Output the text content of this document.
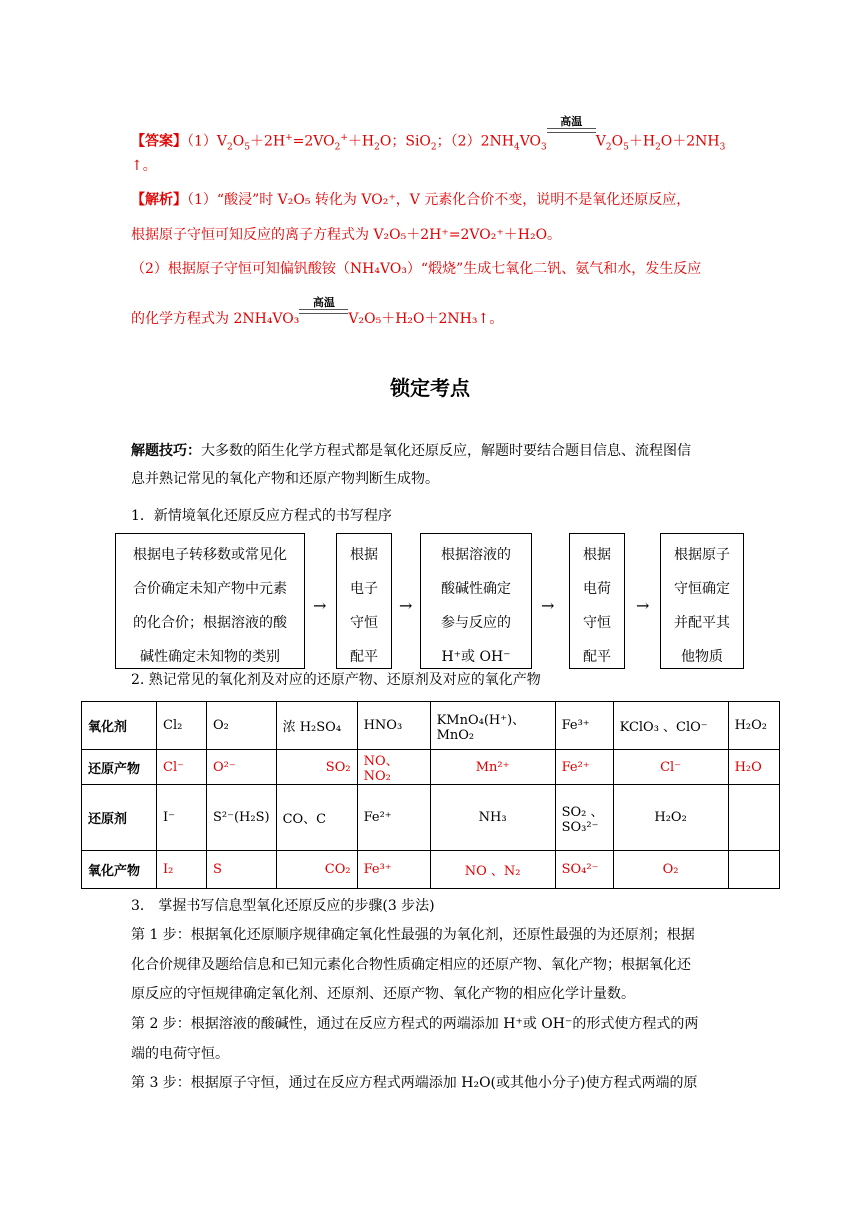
【答案】$(1)V_2O_5+2H^+=2VO_2^++H_2O$；SiO$_2$；$(2)2NH_4VO_3$
高温
$V_2O_5+H_2O+2NH_3$
↑。
【解析】（1）“酸浸”时 V₂O₅ 转化为 VO₂⁺，V 元素化合价不变，说明不是氧化还原反应，
根据原子守恒可知反应的离子方程式为 V₂O₅＋2H⁺=2VO₂⁺＋H₂O。
（2）根据原子守恒可知偏钒酸铵（NH₄VO₃）“煅烧”生成七氧化二钒、氨气和水，发生反应
的化学方程式为 2NH₄VO₃
高温
V₂O₅＋H₂O＋2NH₃↑。
锁定考点
解题技巧：大多数的陌生化学方程式都是氧化还原反应，解题时要结合题目信息、流程图信
息并熟记常见的氧化产物和还原产物判断生成物。
1．新情境氧化还原反应方程式的书写程序
根据电子转移数或常见化
合价确定未知产物中元素
的化合价；根据溶液的酸
碱性确定未知物的类别
→
根据
电子
守恒
配平
→
根据溶液的
酸碱性确定
参与反应的
H⁺或 OH⁻
→
根据
电荷
守恒
配平
→
根据原子
守恒确定
并配平其
他物质
2. 熟记常见的氧化剂及对应的还原产物、还原剂及对应的氧化产物
氧化剂	Cl₂	O₂	浓 H₂SO₄	HNO₃	KMnO₄(H⁺)、MnO₂	Fe³⁺	KClO₃ 、ClO⁻	H₂O₂
还原产物	Cl⁻	O²⁻	SO₂	NO、NO₂	Mn²⁺	Fe²⁺	Cl⁻	H₂O
还原剂	I⁻	S²⁻(H₂S)	CO、C	Fe²⁺	NH₃	SO₂ 、SO₃²⁻	H₂O₂	
氧化产物	I₂	S	CO₂	Fe³⁺	NO 、N₂	SO₄²⁻	O₂	
3． 掌握书写信息型氧化还原反应的步骤(3 步法)
第 1 步：根据氧化还原顺序规律确定氧化性最强的为氧化剂，还原性最强的为还原剂；根据
化合价规律及题给信息和已知元素化合物性质确定相应的还原产物、氧化产物；根据氧化还
原反应的守恒规律确定氧化剂、还原剂、还原产物、氧化产物的相应化学计量数。
第 2 步：根据溶液的酸碱性，通过在反应方程式的两端添加 H⁺或 OH⁻的形式使方程式的两
端的电荷守恒。
第 3 步：根据原子守恒，通过在反应方程式两端添加 H₂O(或其他小分子)使方程式两端的原
